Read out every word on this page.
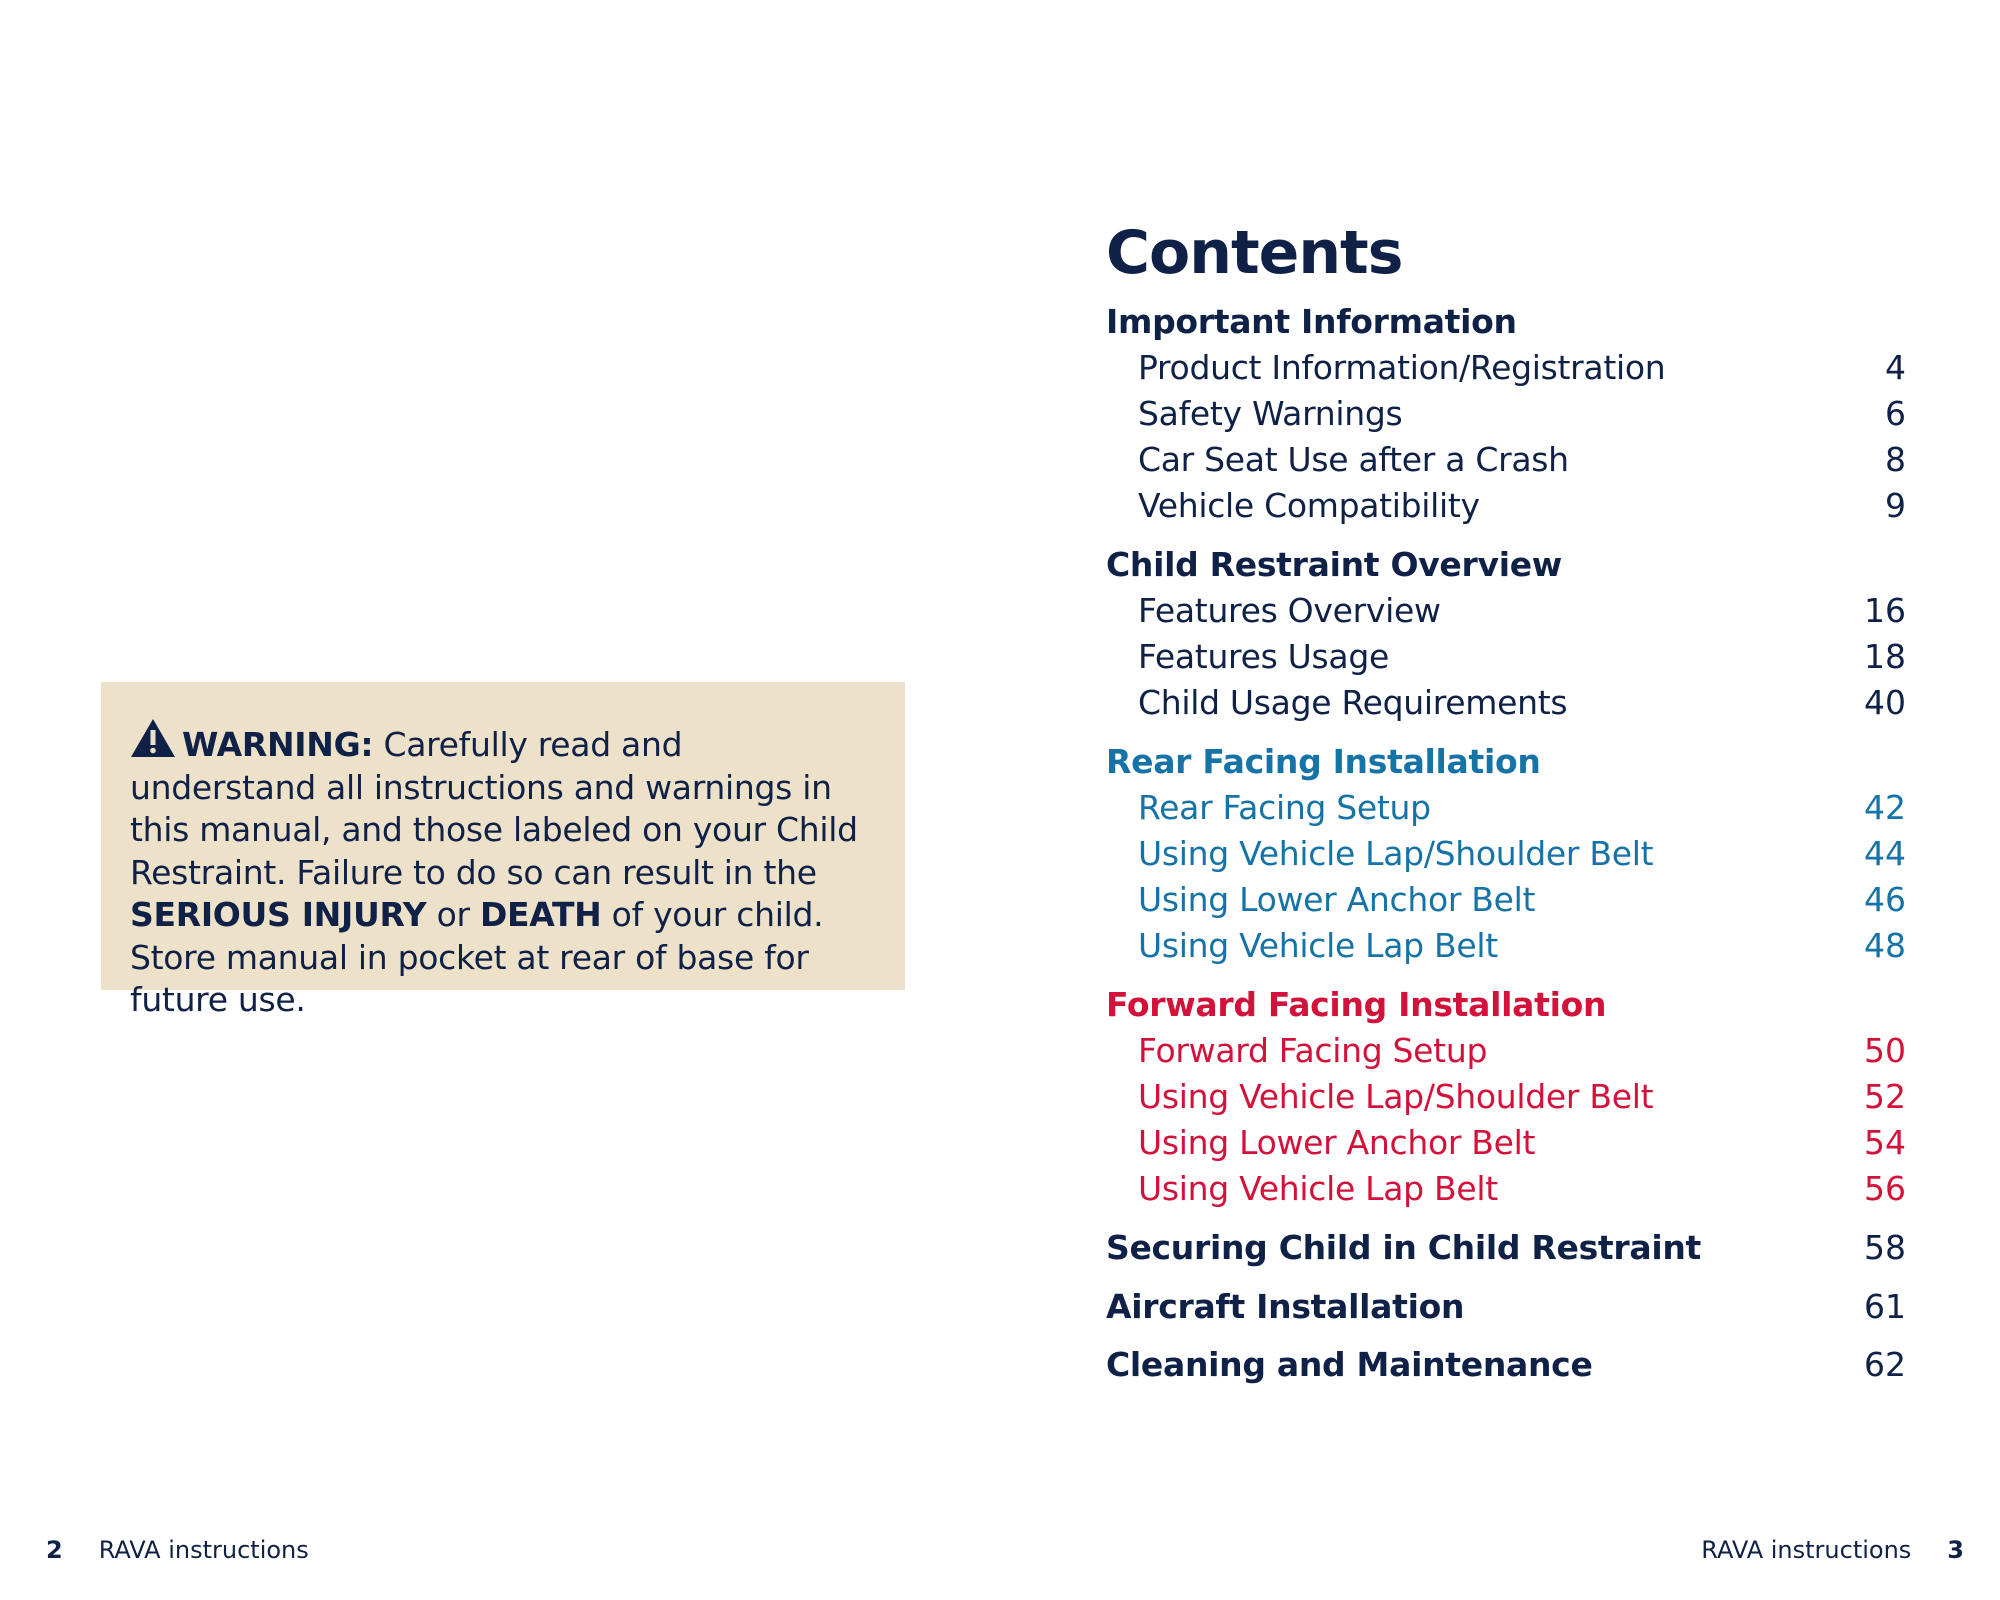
WARNING: Carefully read and understand all instructions and warnings in this manual, and those labeled on your Child Restraint. Failure to do so can result in the SERIOUS INJURY or DEATH of your child. Store manual in pocket at rear of base for future use.

Contents
Important Information
Product Information/Registration	4
Safety Warnings	6
Car Seat Use after a Crash	8
Vehicle Compatibility	9
Child Restraint Overview
Features Overview	16
Features Usage	18
Child Usage Requirements	40
Rear Facing Installation
Rear Facing Setup	42
Using Vehicle Lap/Shoulder Belt	44
Using Lower Anchor Belt	46
Using Vehicle Lap Belt	48
Forward Facing Installation
Forward Facing Setup	50
Using Vehicle Lap/Shoulder Belt	52
Using Lower Anchor Belt	54
Using Vehicle Lap Belt	56
Securing Child in Child Restraint	58
Aircraft Installation	61
Cleaning and Maintenance	62
2 RAVA instructions	RAVA instructions 3
